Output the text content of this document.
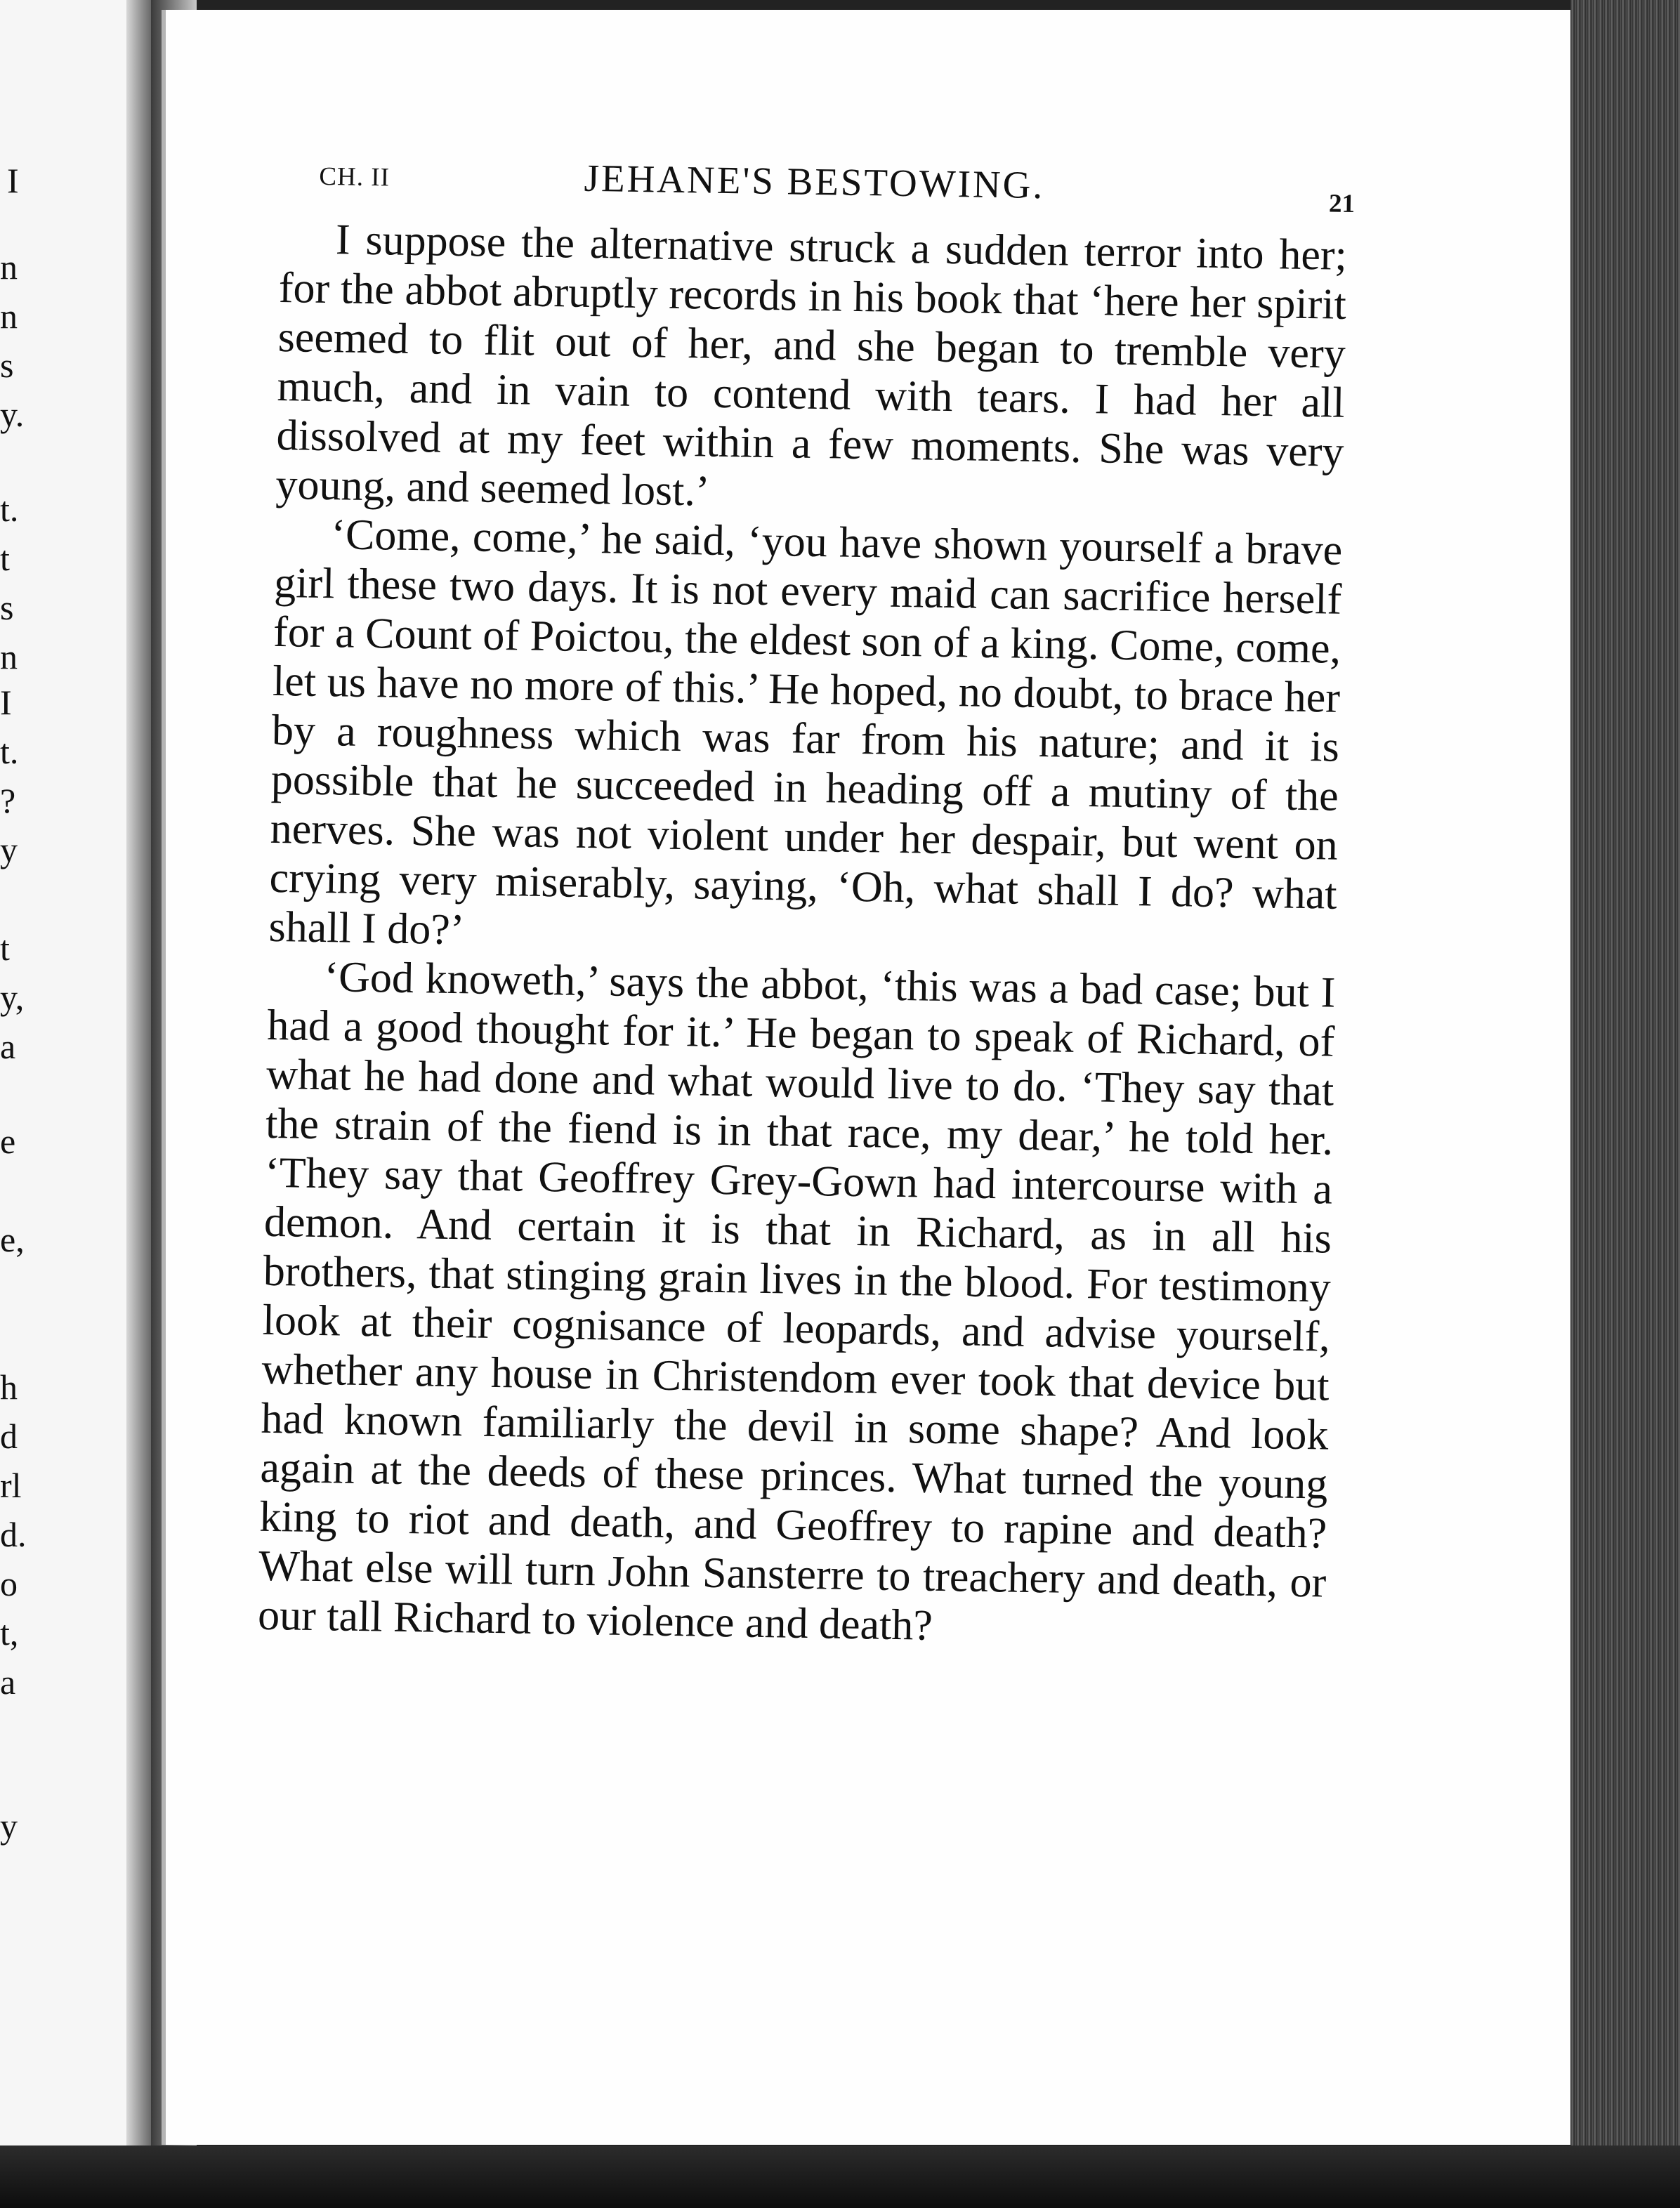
I
n
n
s
y.
t.
t
s
n
I
t.
?
y
t
y,
a
e
e,
h
d
rl
d.
o
t,
a
y
CH. II	JEHANE'S BESTOWING.	21

I suppose the alternative struck a sudden terror into her; for the abbot abruptly records in his book that ‘here her spirit seemed to flit out of her, and she began to tremble very much, and in vain to contend with tears. I had her all dissolved at my feet within a few moments. She was very young, and seemed lost.’

‘Come, come,’ he said, ‘you have shown yourself a brave girl these two days. It is not every maid can sacrifice herself for a Count of Poictou, the eldest son of a king. Come, come, let us have no more of this.’ He hoped, no doubt, to brace her by a roughness which was far from his nature; and it is possible that he succeeded in heading off a mutiny of the nerves. She was not violent under her despair, but went on crying very miserably, saying, ‘Oh, what shall I do? what shall I do?’

‘God knoweth,’ says the abbot, ‘this was a bad case; but I had a good thought for it.’ He began to speak of Richard, of what he had done and what would live to do. ‘They say that the strain of the fiend is in that race, my dear,’ he told her. ‘They say that Geoffrey Grey-Gown had intercourse with a demon. And certain it is that in Richard, as in all his brothers, that stinging grain lives in the blood. For testimony look at their cognisance of leopards, and advise yourself, whether any house in Christendom ever took that device but had known familiarly the devil in some shape? And look again at the deeds of these princes. What turned the young king to riot and death, and Geoffrey to rapine and death? What else will turn John Sansterre to treachery and death, or our tall Richard to violence and death?
